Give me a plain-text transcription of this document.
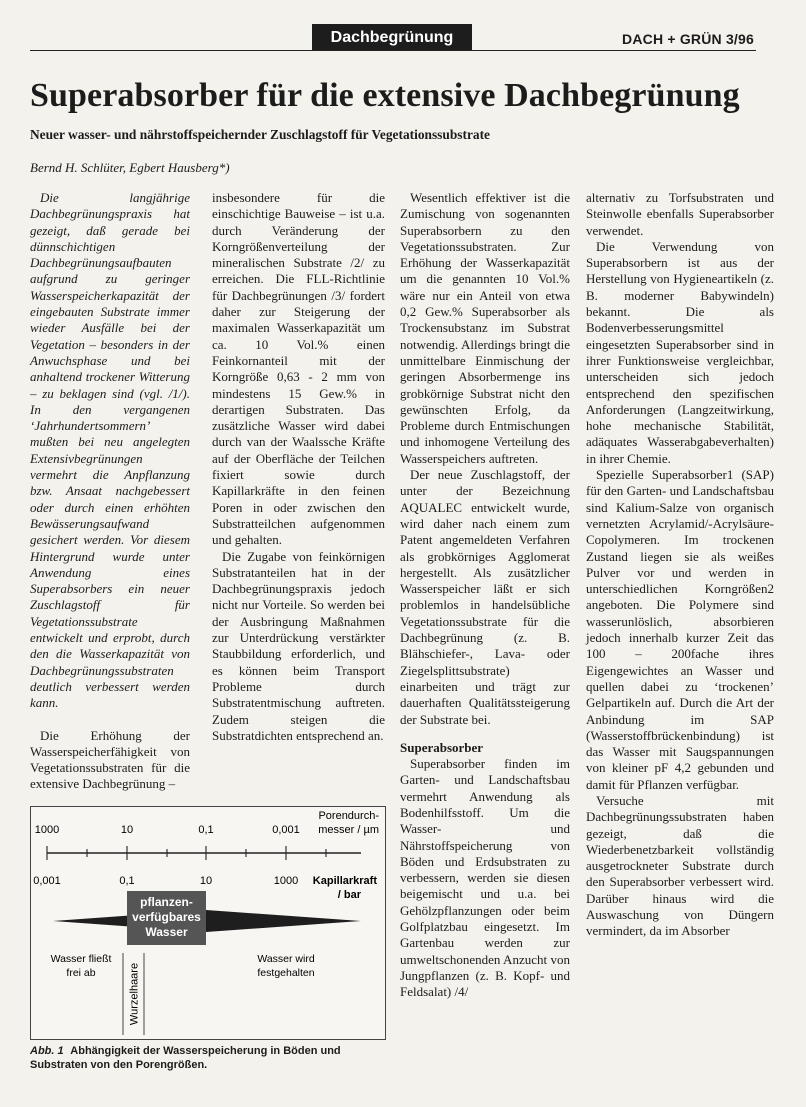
Dachbegrünung	DACH + GRÜN 3/96
Superabsorber für die extensive Dachbegrünung
Neuer wasser- und nährstoffspeichernder Zuschlagstoff für Vegetationssubstrate
Bernd H. Schlüter, Egbert Hausberg*)

Die langjährige Dachbegrünungspraxis hat gezeigt, daß gerade bei dünnschichtigen Dachbegrünungsaufbauten aufgrund zu geringer Wasserspeicherkapazität der eingebauten Substrate immer wieder Ausfälle bei der Vegetation – besonders in der Anwuchsphase und bei anhaltend trockener Witterung – zu beklagen sind (vgl. /1/). In den vergangenen ‘Jahrhundertsommern’ mußten bei neu angelegten Extensivbegrünungen vermehrt die Anpflanzung bzw. Ansaat nachgebessert oder durch einen erhöhten Bewässerungsaufwand gesichert werden. Vor diesem Hintergrund wurde unter Anwendung eines Superabsorbers ein neuer Zuschlagstoff für Vegetationssubstrate entwickelt und erprobt, durch den die Wasserkapazität von Dachbegrünungssubstraten deutlich verbessert werden kann.

Die Erhöhung der Wasserspeicherfähigkeit von Vegetationssubstraten für die extensive Dachbegrünung –

insbesondere für die einschichtige Bauweise – ist u.a. durch Veränderung der Korngrößenverteilung der mineralischen Substrate /2/ zu erreichen. Die FLL-Richtlinie für Dachbegrünungen /3/ fordert daher zur Steigerung der maximalen Wasserkapazität um ca. 10 Vol.% einen Feinkornanteil mit der Korngröße 0,63 - 2 mm von mindestens 15 Gew.% in derartigen Substraten. Das zusätzliche Wasser wird dabei durch van der Waalssche Kräfte auf der Oberfläche der Teilchen fixiert sowie durch Kapillarkräfte in den feinen Poren in oder zwischen den Substratteilchen aufgenommen und gehalten.

Die Zugabe von feinkörnigen Substratanteilen hat in der Dachbegrünungspraxis jedoch nicht nur Vorteile. So werden bei der Ausbringung Maßnahmen zur Unterdrückung verstärkter Staubbildung erforderlich, und es können beim Transport Probleme durch Substratentmischung auftreten. Zudem steigen die Substratdichten entsprechend an.

Wesentlich effektiver ist die Zumischung von sogenannten Superabsorbern zu den Vegetationssubstraten. Zur Erhöhung der Wasserkapazität um die genannten 10 Vol.% wäre nur ein Anteil von etwa 0,2 Gew.% Superabsorber als Trockensubstanz im Substrat notwendig. Allerdings bringt die unmittelbare Einmischung der geringen Absorbermenge ins grobkörnige Substrat nicht den gewünschten Erfolg, da Probleme durch Entmischungen und inhomogene Verteilung des Wasserspeichers auftreten.

Der neue Zuschlagstoff, der unter der Bezeichnung AQUALEC entwickelt wurde, wird daher nach einem zum Patent angemeldeten Verfahren als grobkörniges Agglomerat hergestellt. Als zusätzlicher Wasserspeicher läßt er sich problemlos in handelsübliche Vegetationssubstrate für die Dachbegrünung (z. B. Blähschiefer-, Lava- oder Ziegelsplittsubstrate) einarbeiten und trägt zur dauerhaften Qualitätssteigerung der Substrate bei.

Superabsorber

Superabsorber finden im Garten- und Landschaftsbau vermehrt Anwendung als Bodenhilfsstoff. Um die Wasser- und Nährstoffspeicherung von Böden und Erdsubstraten zu verbessern, werden sie diesen beigemischt und u.a. bei Gehölzpflanzungen oder beim Golfplatzbau eingesetzt. Im Gartenbau werden zur umweltschonenden Anzucht von Jungpflanzen (z. B. Kopf- und Feldsalat) /4/

alternativ zu Torfsubstraten und Steinwolle ebenfalls Superabsorber verwendet.

Die Verwendung von Superabsorbern ist aus der Herstellung von Hygieneartikeln (z. B. moderner Babywindeln) bekannt. Die als Bodenverbesserungsmittel eingesetzten Superabsorber sind in ihrer Funktionsweise vergleichbar, unterscheiden sich jedoch entsprechend den spezifischen Anforderungen (Langzeitwirkung, hohe mechanische Stabilität, adäquates Wasserabgabeverhalten) in ihrer Chemie.

Spezielle Superabsorber1 (SAP) für den Garten- und Landschaftsbau sind Kalium-Salze von organisch vernetzten Acrylamid/-Acrylsäure-Copolymeren. Im trockenen Zustand liegen sie als weißes Pulver vor und werden in unterschiedlichen Korngrößen2 angeboten. Die Polymere sind wasserunlöslich, absorbieren jedoch innerhalb kurzer Zeit das 100 – 200fache ihres Eigengewichtes an Wasser und quellen dabei zu ‘trockenen’ Gelpartikeln auf. Durch die Art der Anbindung im SAP (Wasserstoffbrückenbindung) ist das Wasser mit Saugspannungen von kleiner pF 4,2 gebunden und damit für Pflanzen verfügbar.

Versuche mit Dachbegrünungssubstraten haben gezeigt, daß die Wiederbenetzbarkeit vollständig ausgetrockneter Substrate durch den Superabsorber verbessert wird. Darüber hinaus wird die Auswaschung von Düngern vermindert, da im Absorber

Porendurch-
messer / µm
1000	10	0,1	0,001
0,001	0,1	10	1000 Kapillarkraft
/ bar
pflanzen-
verfügbares
Wasser
Wasser fließt
frei ab
Wasser wird
festgehalten
Wurzelhaare
Abb. 1 Abhängigkeit der Wasserspeicherung in Böden und Substraten von den Porengrößen.
